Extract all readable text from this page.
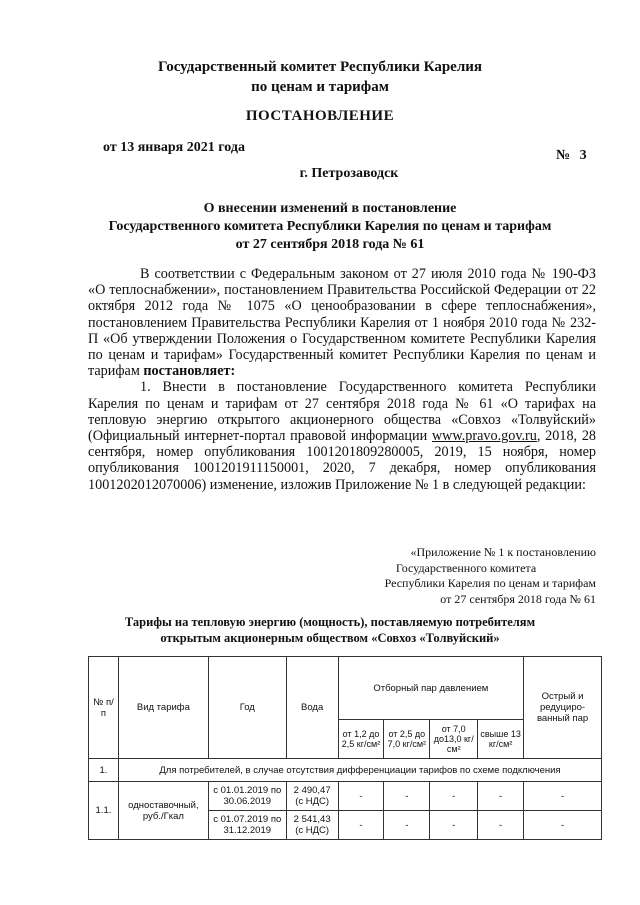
Государственный комитет Республики Карелия
по ценам и тарифам
ПОСТАНОВЛЕНИЕ
от 13 января 2021 года
№ 3
г. Петрозаводск
О внесении изменений в постановление
Государственного комитета Республики Карелия по ценам и тарифам
от 27 сентября 2018 года № 61

В соответствии с Федеральным законом от 27 июля 2010 года № 190-ФЗ «О теплоснабжении», постановлением Правительства Российской Федерации от 22 октября 2012 года № 1075 «О ценообразовании в сфере теплоснабжения», постановлением Правительства Республики Карелия от 1 ноября 2010 года № 232-П «Об утверждении Положения о Государственном комитете Республики Карелия по ценам и тарифам» Государственный комитет Республики Карелия по ценам и тарифам постановляет:

1. Внести в постановление Государственного комитета Республики Карелия по ценам и тарифам от 27 сентября 2018 года № 61 «О тарифах на тепловую энергию открытого акционерного общества «Совхоз «Толвуйский» (Официальный интернет-портал правовой информации www.pravo.gov.ru, 2018, 28 сентября, номер опубликования 1001201809280005, 2019, 15 ноября, номер опубликования 1001201911150001, 2020, 7 декабря, номер опубликования 1001202012070006) изменение, изложив Приложение № 1 в следующей редакции:

«Приложение № 1 к постановлению
Государственного комитета
Республики Карелия по ценам и тарифам
от 27 сентября 2018 года № 61
Тарифы на тепловую энергию (мощность), поставляемую потребителям
открытым акционерным обществом «Совхоз «Толвуйский»
№ п/п	Вид тарифа	Год	Вода	Отборный пар давлением				Острый и редуциро-ванный пар
				от 1,2 до 2,5 кг/см²	от 2,5 до 7,0 кг/см²	от 7,0 до13,0 кг/см²	свыше 13 кг/см²	
1.	Для потребителей, в случае отсутствия дифференциации тарифов по схеме подключения							
1.1.	одноставочный, руб./Гкал	с 01.01.2019 по 30.06.2019	2 490,47 (с НДС)	-	-	-	-	-
		с 01.07.2019 по 31.12.2019	2 541,43 (с НДС)	-	-	-	-	-
